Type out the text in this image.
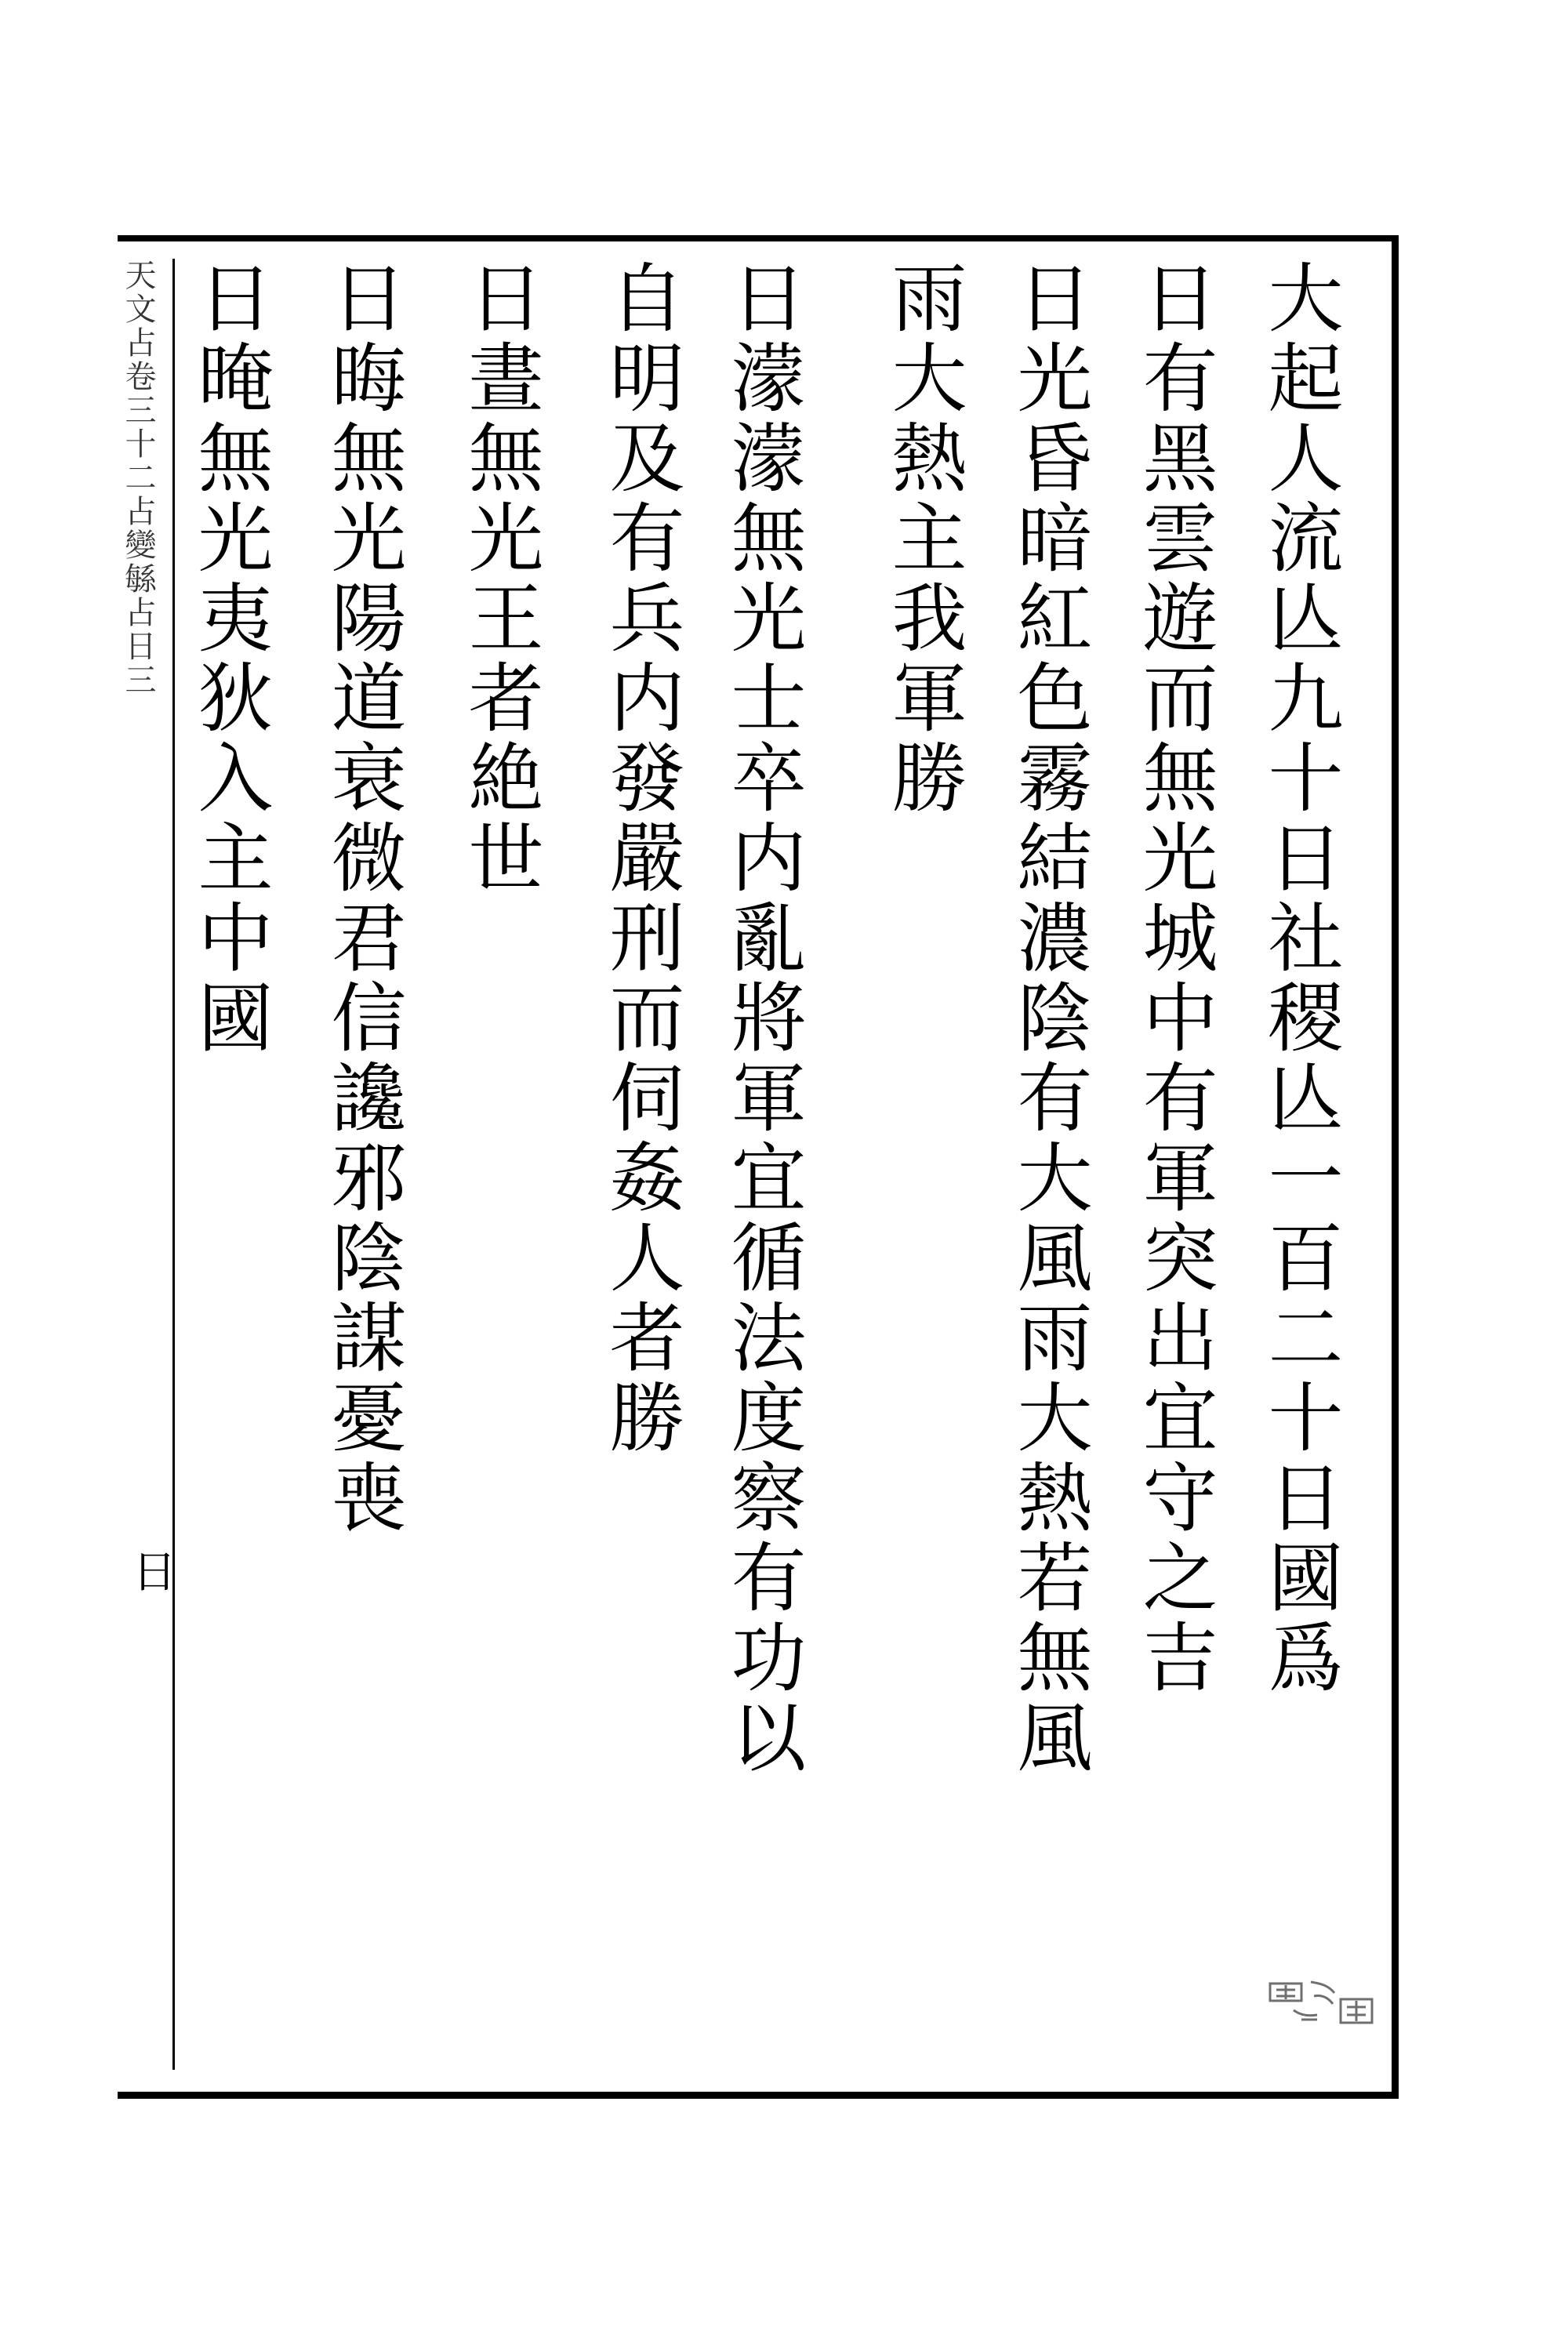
大起人流亾九十日社稷亾一百二十日國爲
日有黑雲遊而無光城中有軍突出宜守之吉
日光昏暗紅色霧結濃陰有大風雨大熱若無風
雨大熱主我軍勝
日濛濛無光士卒内亂將軍宜循法度察有功以
自明及有兵内發嚴刑而伺姦人者勝
日晝無光王者絶世
日晦無光陽道衰微君信讒邪陰謀憂喪
日晻無光夷狄入主中國
天文占卷三十二占變緐占日三
日
